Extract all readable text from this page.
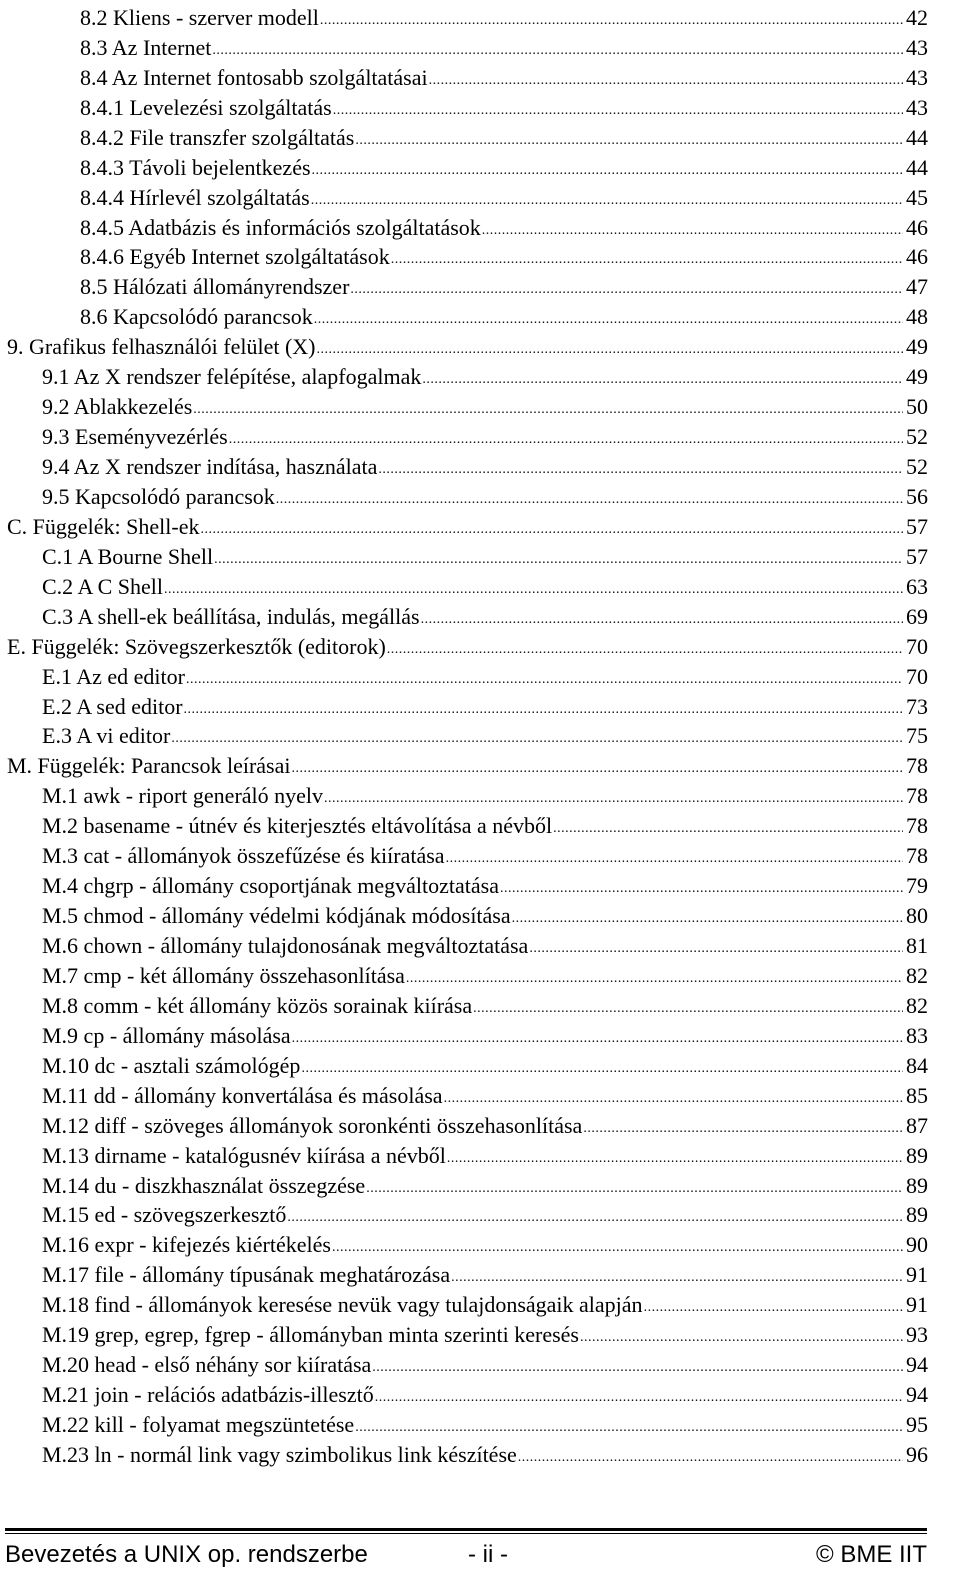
8.2 Kliens - szerver modell .....	42
8.3 Az Internet .....	43
8.4 Az Internet fontosabb szolgáltatásai .....	43
8.4.1 Levelezési szolgáltatás .....	43
8.4.2 File transzfer szolgáltatás .....	44
8.4.3 Távoli bejelentkezés .....	44
8.4.4 Hírlevél szolgáltatás .....	45
8.4.5 Adatbázis és információs szolgáltatások .....	46
8.4.6 Egyéb Internet szolgáltatások .....	46
8.5 Hálózati állományrendszer .....	47
8.6 Kapcsolódó parancsok .....	48
9. Grafikus felhasználói felület (X) .....	49
9.1 Az X rendszer felépítése, alapfogalmak .....	49
9.2 Ablakkezelés .....	50
9.3 Eseményvezérlés .....	52
9.4 Az X rendszer indítása, használata .....	52
9.5 Kapcsolódó parancsok .....	56
C. Függelék: Shell-ek .....	57
C.1 A Bourne Shell .....	57
C.2 A C Shell .....	63
C.3 A shell-ek beállítása, indulás, megállás .....	69
E. Függelék: Szövegszerkesztők (editorok) .....	70
E.1 Az ed editor .....	70
E.2 A sed editor .....	73
E.3 A vi editor .....	75
M. Függelék: Parancsok leírásai .....	78
M.1 awk - riport generáló nyelv .....	78
M.2 basename - útnév és kiterjesztés eltávolítása a névből .....	78
M.3 cat - állományok összefűzése és kiíratása .....	78
M.4 chgrp - állomány csoportjának megváltoztatása .....	79
M.5 chmod - állomány védelmi kódjának módosítása .....	80
M.6 chown - állomány tulajdonosának megváltoztatása .....	81
M.7 cmp - két állomány összehasonlítása .....	82
M.8 comm - két állomány közös sorainak kiírása .....	82
M.9 cp - állomány másolása .....	83
M.10 dc - asztali számológép .....	84
M.11 dd - állomány konvertálása és másolása .....	85
M.12 diff - szöveges állományok soronkénti összehasonlítása .....	87
M.13 dirname - katalógusnév kiírása a névből .....	89
M.14 du - diszkhasználat összegzése .....	89
M.15 ed - szövegszerkesztő .....	89
M.16 expr - kifejezés kiértékelés .....	90
M.17 file - állomány típusának meghatározása .....	91
M.18 find - állományok keresése nevük vagy tulajdonságaik alapján .....	91
M.19 grep, egrep, fgrep - állományban minta szerinti keresés .....	93
M.20 head - első néhány sor kiíratása .....	94
M.21 join - relációs adatbázis-illesztő .....	94
M.22 kill - folyamat megszüntetése .....	95
M.23 ln - normál link vagy szimbolikus link készítése .....	96
Bevezetés a UNIX op. rendszerbe	- ii -	© BME IIT
